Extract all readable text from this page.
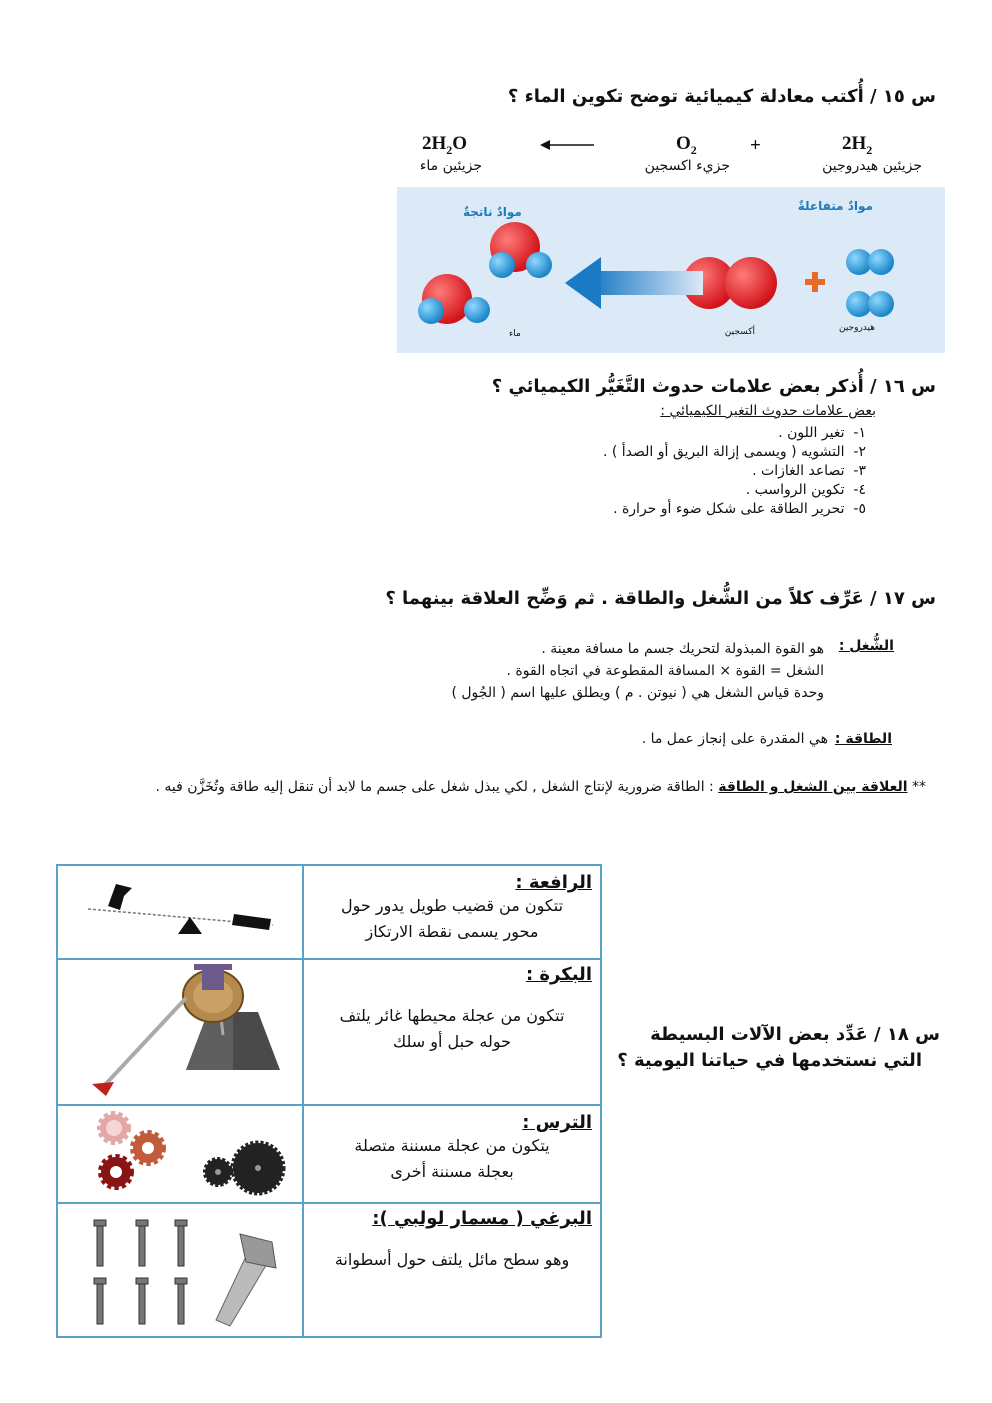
س ١٥ / أُكتب معادلة كيميائية توضح تكوين الماء ؟
$2H_2$
+
$O_2$
$2H_2O$
جزيئين هيدروجين
جزيء اكسجين
جزيئين ماء
موادٌ متفاعلةٌ
موادٌ ناتجةٌ
هيدروجين
أكسجين
ماء
س ١٦ / أُذكر بعض علامات حدوث التَّغَيُّر الكيميائي ؟
بعض علامات حدوث التغير الكيميائي :
١-  تغير اللون .
٢-  التشويه ( ويسمى إزالة البريق أو الصدأ ) .
٣-  تصاعد الغازات .
٤-  تكوين الرواسب .
٥-  تحرير الطاقة على شكل ضوء أو حرارة .
س ١٧ / عَرِّف كلاً من الشُّغل والطاقة . ثم وَضِّح العلاقة بينهما ؟
الشُّغل :
هو القوة المبذولة لتحريك جسم ما مسافة معينة .
الشغل = القوة × المسافة المقطوعة في اتجاه القوة .
وحدة قياس الشغل هي ( نيوتن . م ) ويطلق عليها اسم ( الجُول )
الطاقة :
هي المقدرة على إنجاز عمل ما .
** العلاقة بين الشغل و الطاقة : الطاقة ضرورية لإنتاج الشغل , لكي يبذل شغل على جسم ما لابد أن تنقل إليه طاقة وتُخَزَّن فيه .
س ١٨ / عَدِّد بعض الآلات البسيطة
التي نستخدمها في حياتنا اليومية ؟

الرافعة :
تتكون من قضيب طويل يدور حول
محور يسمى نقطة الارتكاز

البكرة :
تتكون من عجلة محيطها غائر يلتف
حوله حبل أو سلك

الترس :
يتكون من عجلة مسننة متصلة
بعجلة مسننة أخرى

البرغي ( مسمار لولبي ):
وهو سطح مائل يلتف حول أسطوانة
